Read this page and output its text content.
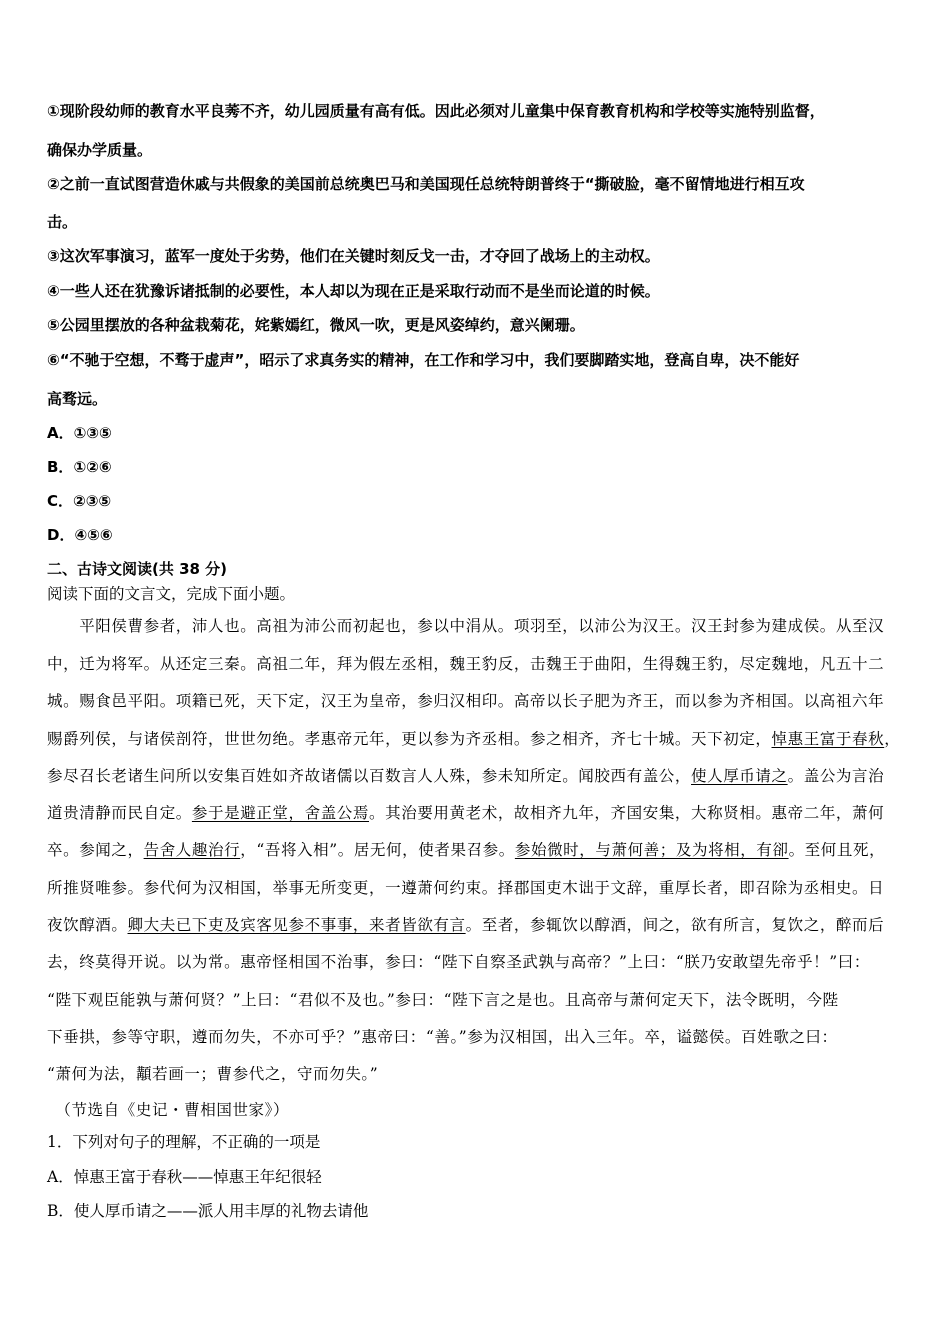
①现阶段幼师的教育水平良莠不齐，幼儿园质量有高有低。因此必须对儿童集中保育教育机构和学校等实施特别监督，
确保办学质量。
②之前一直试图营造休戚与共假象的美国前总统奥巴马和美国现任总统特朗普终于“撕破脸，毫不留情地进行相互攻
击。
③这次军事演习，蓝军一度处于劣势，他们在关键时刻反戈一击，才夺回了战场上的主动权。
④一些人还在犹豫诉诸抵制的必要性，本人却以为现在正是采取行动而不是坐而论道的时候。
⑤公园里摆放的各种盆栽菊花，姹紫嫣红，微风一吹，更是风姿绰约，意兴阑珊。
⑥“不驰于空想，不骛于虚声”，昭示了求真务实的精神，在工作和学习中，我们要脚踏实地，登高自卑，决不能好
高骛远。
A．①③⑤
B．①②⑥
C．②③⑤
D．④⑤⑥
二、古诗文阅读(共 38 分)
阅读下面的文言文，完成下面小题。
　　平阳侯曹参者，沛人也。高祖为沛公而初起也，参以中涓从。项羽至，以沛公为汉王。汉王封参为建成侯。从至汉
中，迁为将军。从还定三秦。高祖二年，拜为假左丞相，魏王豹反，击魏王于曲阳，生得魏王豹，尽定魏地，凡五十二
城。赐食邑平阳。项籍已死，天下定，汉王为皇帝，参归汉相印。高帝以长子肥为齐王，而以参为齐相国。以高祖六年
赐爵列侯，与诸侯剖符，世世勿绝。孝惠帝元年，更以参为齐丞相。参之相齐，齐七十城。天下初定，悼惠王富于春秋，
参尽召长老诸生问所以安集百姓如齐故诸儒以百数言人人殊，参未知所定。闻胶西有盖公，使人厚币请之。盖公为言治
道贵清静而民自定。参于是避正堂，舍盖公焉。其治要用黄老术，故相齐九年，齐国安集，大称贤相。惠帝二年，萧何
卒。参闻之，告舍人趣治行，“吾将入相”。居无何，使者果召参。参始微时，与萧何善；及为将相，有卻。至何且死，
所推贤唯参。参代何为汉相国，举事无所变更，一遵萧何约束。择郡国吏木诎于文辞，重厚长者，即召除为丞相史。日
夜饮醇酒。卿大夫已下吏及宾客见参不事事，来者皆欲有言。至者，参辄饮以醇酒，间之，欲有所言，复饮之，醉而后
去，终莫得开说。以为常。惠帝怪相国不治事，参曰：“陛下自察圣武孰与高帝？”上曰：“朕乃安敢望先帝乎！”曰：
“陛下观臣能孰与萧何贤？”上曰：“君似不及也。”参曰：“陛下言之是也。且高帝与萧何定天下，法令既明，今陛
下垂拱，参等守职，遵而勿失，不亦可乎？”惠帝曰：“善。”参为汉相国，出入三年。卒，谥懿侯。百姓歌之曰：
“萧何为法，顜若画一；曹参代之，守而勿失。”
　（节选自《史记・曹相国世家》）
1．下列对句子的理解，不正确的一项是
A．悼惠王富于春秋——悼惠王年纪很轻
B．使人厚币请之——派人用丰厚的礼物去请他
